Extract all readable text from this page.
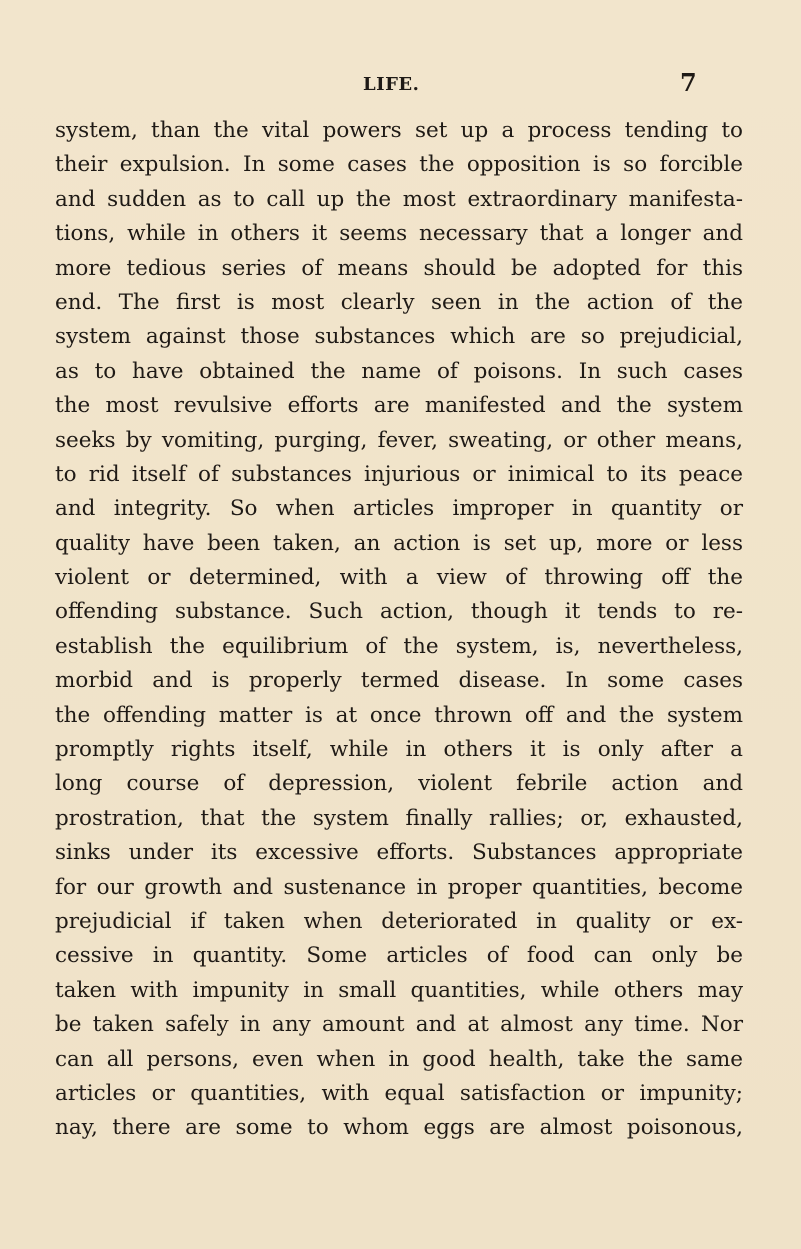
LIFE.	7
system, than the vital powers set up a process tending to
their expulsion. In some cases the opposition is so forcible
and sudden as to call up the most extraordinary manifesta-
tions, while in others it seems necessary that a longer and
more tedious series of means should be adopted for this
end. The first is most clearly seen in the action of the
system against those substances which are so prejudicial,
as to have obtained the name of poisons. In such cases
the most revulsive efforts are manifested and the system
seeks by vomiting, purging, fever, sweating, or other means,
to rid itself of substances injurious or inimical to its peace
and integrity. So when articles improper in quantity or
quality have been taken, an action is set up, more or less
violent or determined, with a view of throwing off the
offending substance. Such action, though it tends to re-
establish the equilibrium of the system, is, nevertheless,
morbid and is properly termed disease. In some cases
the offending matter is at once thrown off and the system
promptly rights itself, while in others it is only after a
long course of depression, violent febrile action and
prostration, that the system finally rallies; or, exhausted,
sinks under its excessive efforts. Substances appropriate
for our growth and sustenance in proper quantities, become
prejudicial if taken when deteriorated in quality or ex-
cessive in quantity. Some articles of food can only be
taken with impunity in small quantities, while others may
be taken safely in any amount and at almost any time. Nor
can all persons, even when in good health, take the same
articles or quantities, with equal satisfaction or impunity;
nay, there are some to whom eggs are almost poisonous,
